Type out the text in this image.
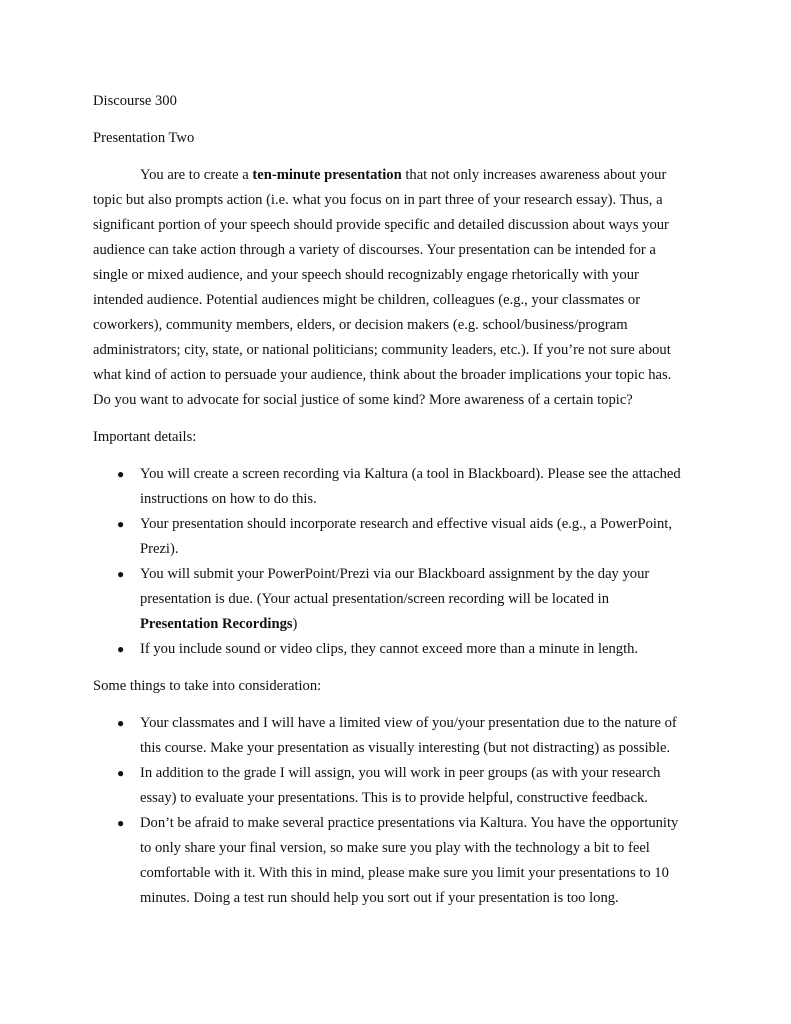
Discourse 300

Presentation Two

You are to create a ten-minute presentation that not only increases awareness about your
topic but also prompts action (i.e. what you focus on in part three of your research essay). Thus, a
significant portion of your speech should provide specific and detailed discussion about ways your
audience can take action through a variety of discourses. Your presentation can be intended for a
single or mixed audience, and your speech should recognizably engage rhetorically with your
intended audience. Potential audiences might be children, colleagues (e.g., your classmates or
coworkers), community members, elders, or decision makers (e.g. school/business/program
administrators; city, state, or national politicians; community leaders, etc.). If you’re not sure about
what kind of action to persuade your audience, think about the broader implications your topic has.
Do you want to advocate for social justice of some kind? More awareness of a certain topic?

Important details:

● You will create a screen recording via Kaltura (a tool in Blackboard). Please see the attached
instructions on how to do this.
● Your presentation should incorporate research and effective visual aids (e.g., a PowerPoint,
Prezi).
● You will submit your PowerPoint/Prezi via our Blackboard assignment by the day your
presentation is due. (Your actual presentation/screen recording will be located in
Presentation Recordings)
● If you include sound or video clips, they cannot exceed more than a minute in length.

Some things to take into consideration:

● Your classmates and I will have a limited view of you/your presentation due to the nature of
this course. Make your presentation as visually interesting (but not distracting) as possible.
● In addition to the grade I will assign, you will work in peer groups (as with your research
essay) to evaluate your presentations. This is to provide helpful, constructive feedback.
● Don’t be afraid to make several practice presentations via Kaltura. You have the opportunity
to only share your final version, so make sure you play with the technology a bit to feel
comfortable with it. With this in mind, please make sure you limit your presentations to 10
minutes. Doing a test run should help you sort out if your presentation is too long.
